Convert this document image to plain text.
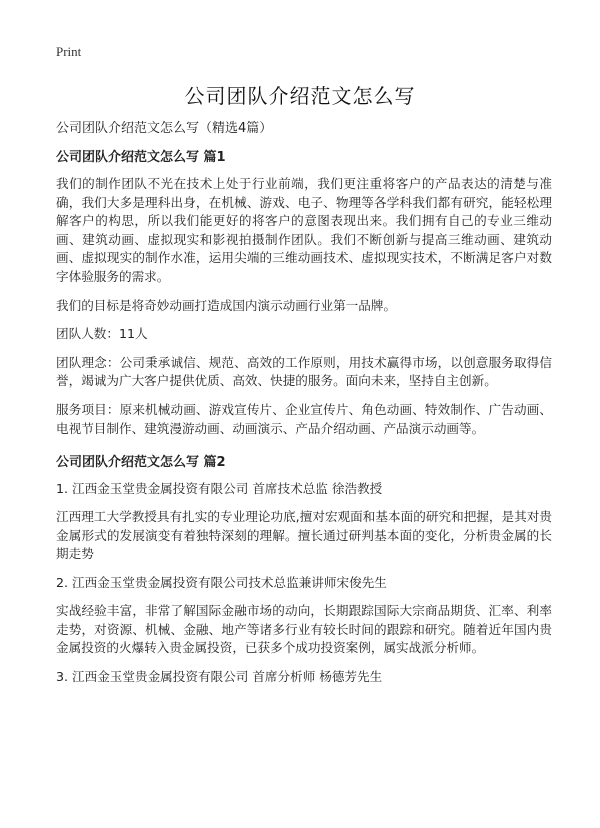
Print
公司团队介绍范文怎么写

公司团队介绍范文怎么写（精选4篇）

公司团队介绍范文怎么写 篇1

我们的制作团队不光在技术上处于行业前端，我们更注重将客户的产品表达的清楚与准确，我们大多是理科出身，在机械、游戏、电子、物理等各学科我们都有研究，能轻松理解客户的构思，所以我们能更好的将客户的意图表现出来。我们拥有自己的专业三维动画、建筑动画、虚拟现实和影视拍摄制作团队。我们不断创新与提高三维动画、建筑动画、虚拟现实的制作水准，运用尖端的三维动画技术、虚拟现实技术，不断满足客户对数字体验服务的需求。

我们的目标是将奇妙动画打造成国内演示动画行业第一品牌。

团队人数：11人

团队理念：公司秉承诚信、规范、高效的工作原则，用技术赢得市场，以创意服务取得信誉，竭诚为广大客户提供优质、高效、快捷的服务。面向未来，坚持自主创新。

服务项目：原来机械动画、游戏宣传片、企业宣传片、角色动画、特效制作、广告动画、电视节目制作、建筑漫游动画、动画演示、产品介绍动画、产品演示动画等。

公司团队介绍范文怎么写 篇2

1. 江西金玉堂贵金属投资有限公司 首席技术总监 徐浩教授

江西理工大学教授具有扎实的专业理论功底,擅对宏观面和基本面的研究和把握，是其对贵金属形式的发展演变有着独特深刻的理解。擅长通过研判基本面的变化，分析贵金属的长期走势

2. 江西金玉堂贵金属投资有限公司技术总监兼讲师宋俊先生

实战经验丰富，非常了解国际金融市场的动向，长期跟踪国际大宗商品期货、汇率、利率走势，对资源、机械、金融、地产等诸多行业有较长时间的跟踪和研究。随着近年国内贵金属投资的火爆转入贵金属投资，已获多个成功投资案例，属实战派分析师。

3. 江西金玉堂贵金属投资有限公司 首席分析师 杨德芳先生
